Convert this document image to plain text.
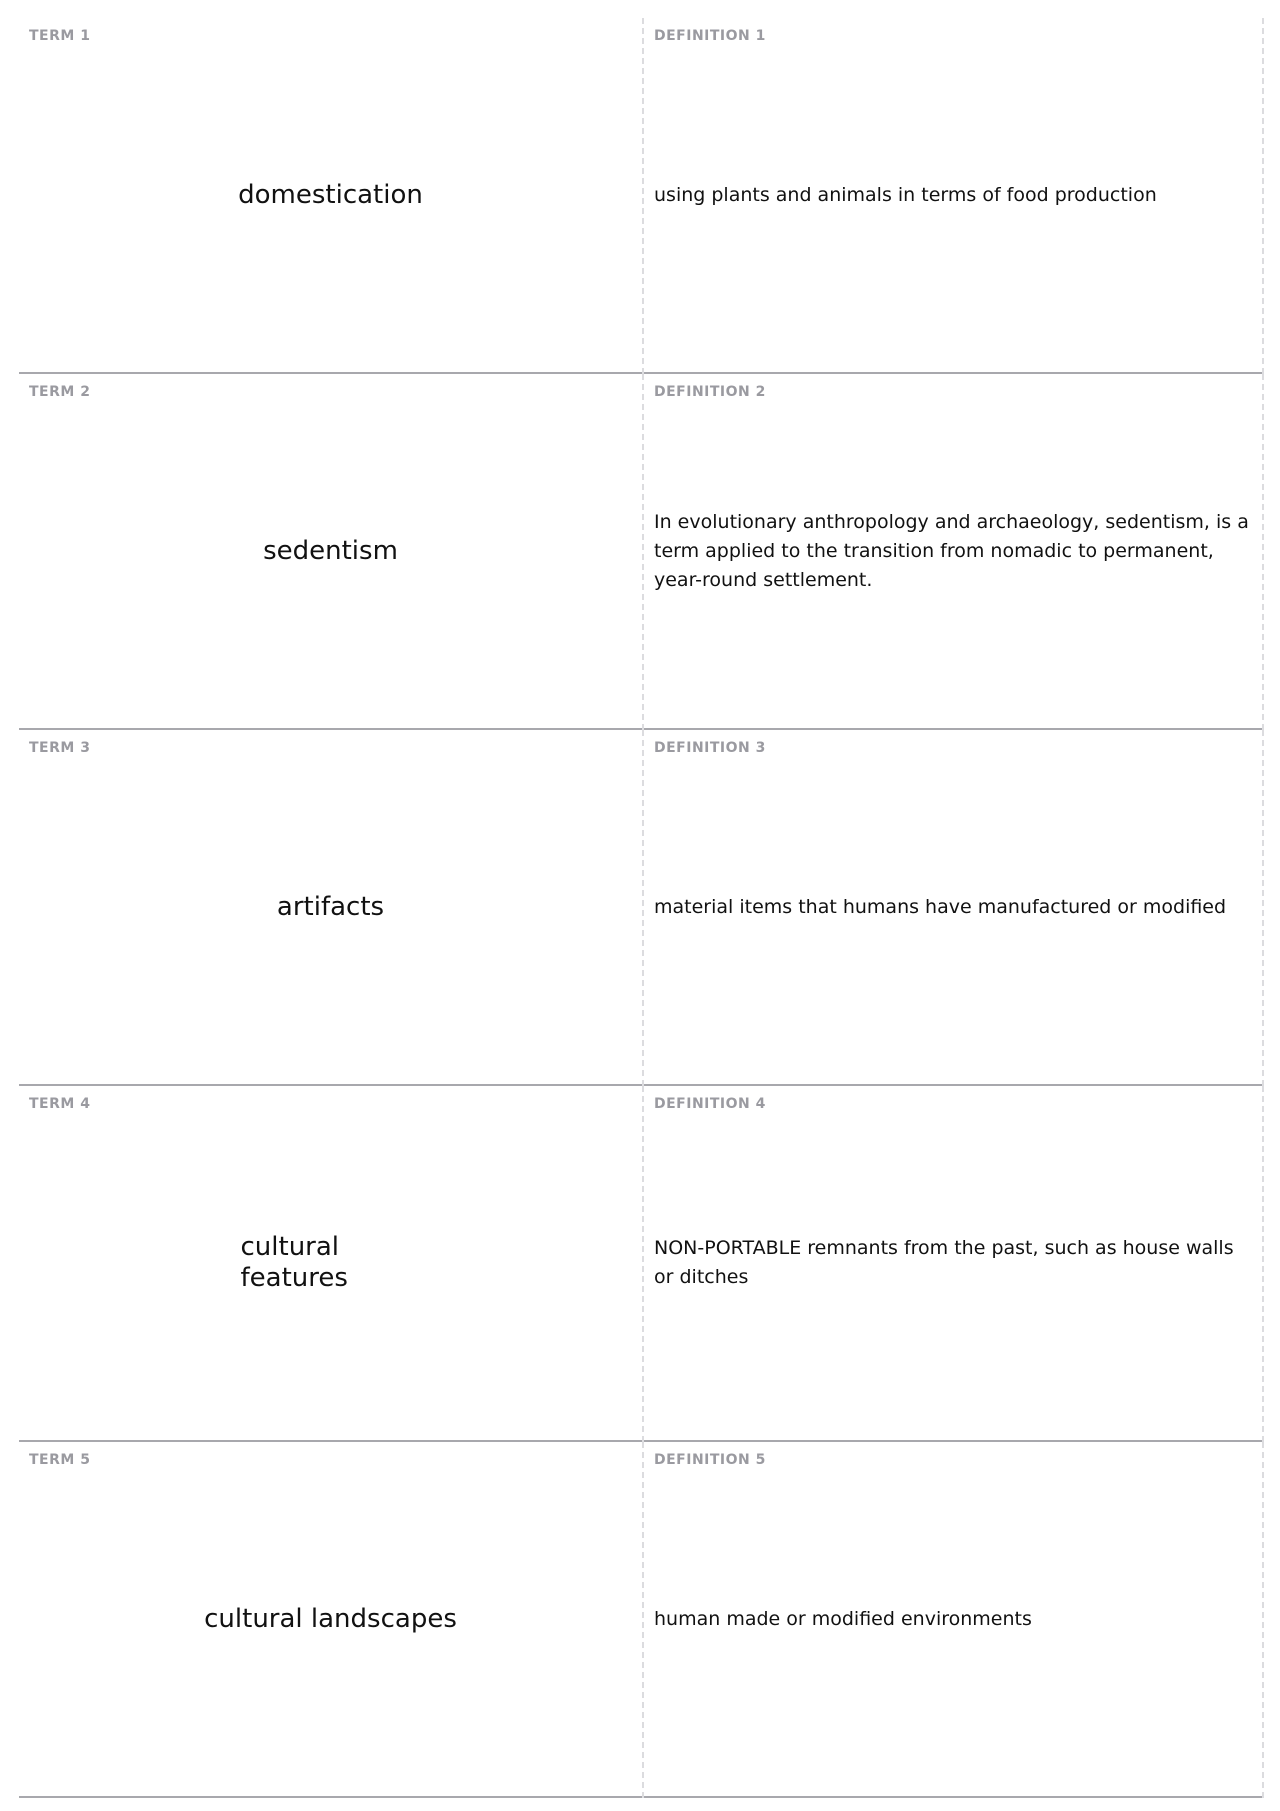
TERM 1
domestication
DEFINITION 1
using plants and animals in terms of food production
TERM 2
sedentism
DEFINITION 2
In evolutionary anthropology and archaeology, sedentism, is a term applied to the transition from nomadic to permanent, year-round settlement.
TERM 3
artifacts
DEFINITION 3
material items that humans have manufactured or modified
TERM 4
cultural features
DEFINITION 4
NON-PORTABLE remnants from the past, such as house walls or ditches
TERM 5
cultural landscapes
DEFINITION 5
human made or modified environments
